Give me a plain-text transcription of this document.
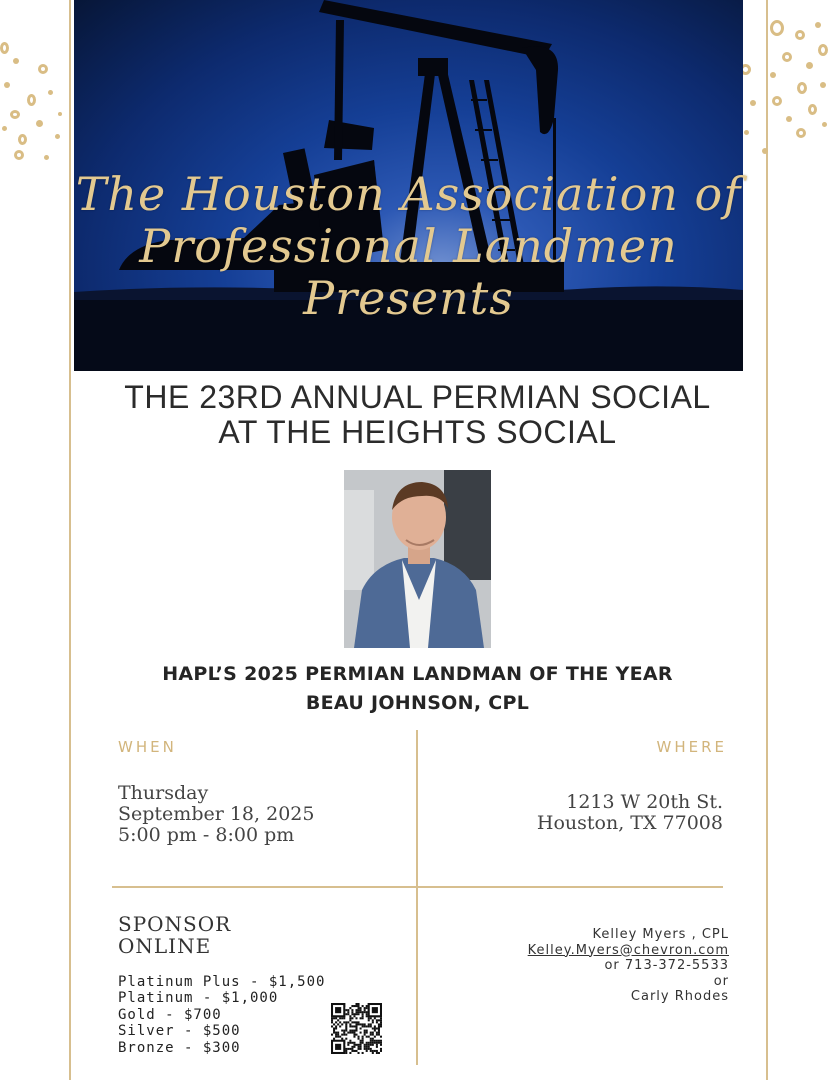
The Houston Association of
Professional Landmen
Presents
THE 23RD ANNUAL PERMIAN SOCIAL
AT THE HEIGHTS SOCIAL
HAPL’S 2025 PERMIAN LANDMAN OF THE YEAR
BEAU JOHNSON, CPL
WHEN
Thursday
September 18, 2025
5:00 pm - 8:00 pm
WHERE
1213 W 20th St.
Houston, TX 77008
SPONSOR
ONLINE
Platinum Plus - $1,500
Platinum - $1,000
Gold - $700
Silver - $500
Bronze - $300
Kelley Myers , CPL
Kelley.Myers@chevron.com
or 713-372-5533
or
Carly Rhodes
